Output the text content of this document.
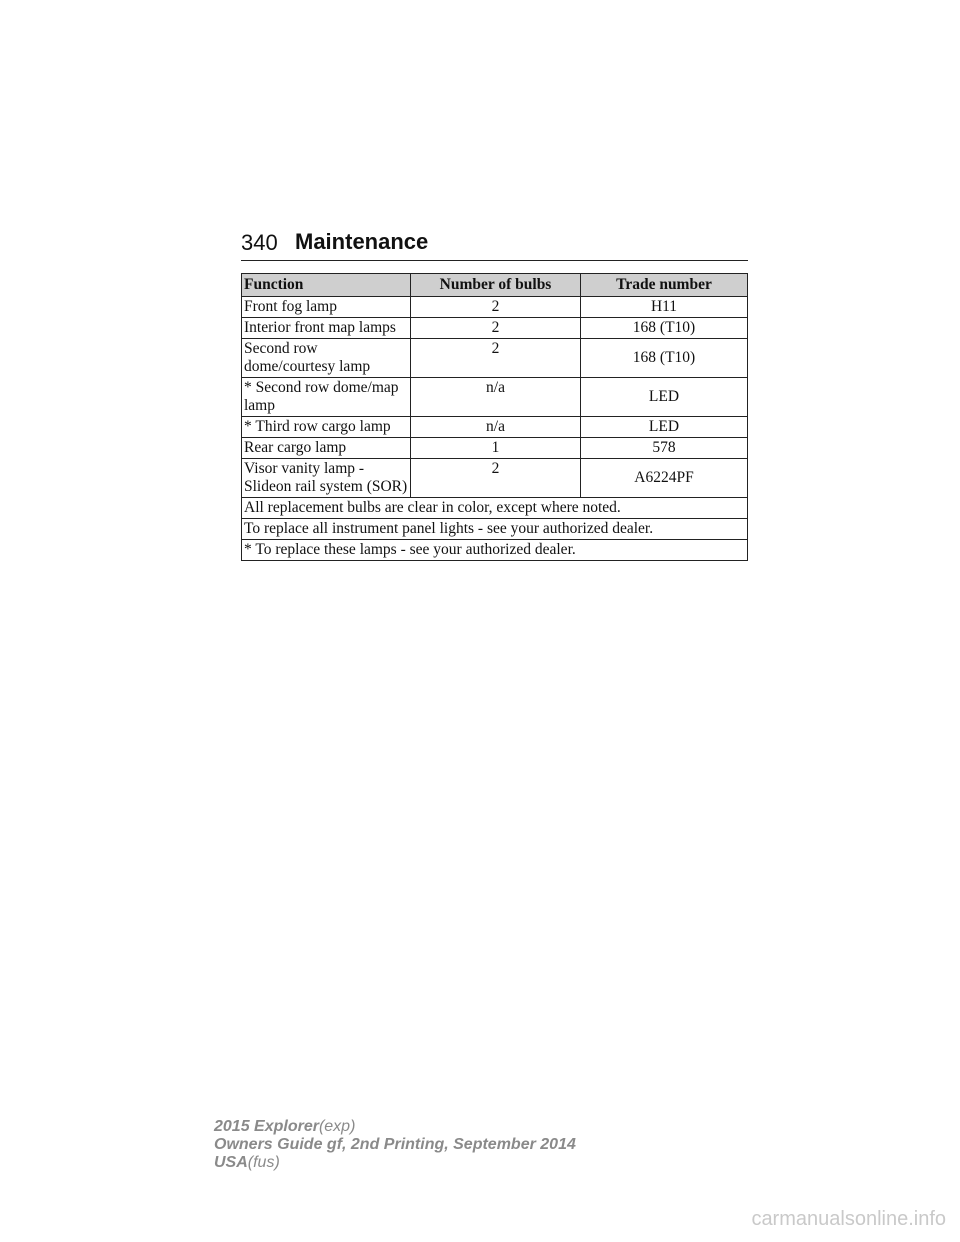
340 Maintenance
Function	Number of bulbs	Trade number
Front fog lamp	2	H11
Interior front map lamps	2	168 (T10)
Second row dome/courtesy lamp	2	168 (T10)
* Second row dome/map lamp	n/a	LED
* Third row cargo lamp	n/a	LED
Rear cargo lamp	1	578
Visor vanity lamp - Slideon rail system (SOR)	2	A6224PF
All replacement bulbs are clear in color, except where noted.		
To replace all instrument panel lights - see your authorized dealer.		
* To replace these lamps - see your authorized dealer.		
2015 Explorer(exp)
Owners Guide gf, 2nd Printing, September 2014
USA(fus)
carmanualsonline.info
